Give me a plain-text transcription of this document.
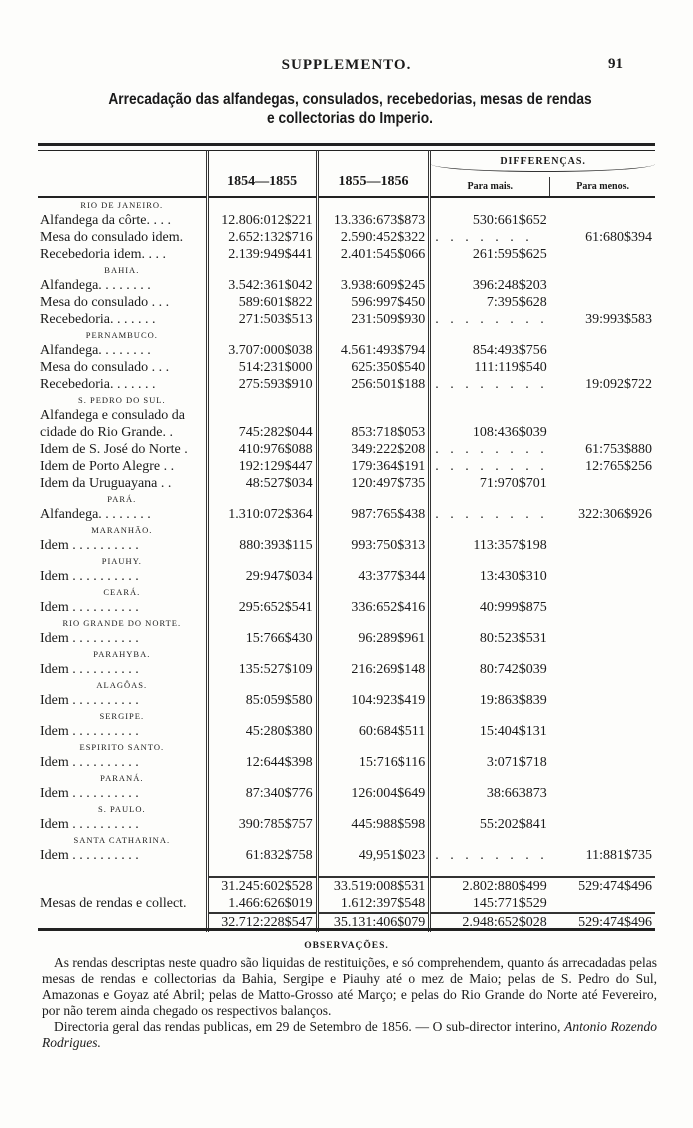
SUPPLEMENTO.	91
Arrecadação das alfandegas, consulados, recebedorias, mesas de rendas
e collectorias do Imperio.
	1854—1855	1855—1856	DIFFERENÇAS.	

			Para mais.	Para menos.
RIO DE JANEIRO.				
Alfandega da côrte. . . .	12.806:012$221	13.336:673$873	530:661$652	
Mesa do consulado idem.	2.652:132$716	2.590:452$322	. . . . . . .	61:680$394
Recebedoria idem. . . .	2.139:949$441	2.401:545$066	261:595$625	
BAHIA.				
Alfandega. . . . . . . .	3.542:361$042	3.938:609$245	396:248$203	
Mesa do consulado . . .	589:601$822	596:997$450	7:395$628	
Recebedoria. . . . . . .	271:503$513	231:509$930	. . . . . . . .	39:993$583
PERNAMBUCO.				
Alfandega. . . . . . . .	3.707:000$038	4.561:493$794	854:493$756	
Mesa do consulado . . .	514:231$000	625:350$540	111:119$540	
Recebedoria. . . . . . .	275:593$910	256:501$188	. . . . . . . .	19:092$722
S. PEDRO DO SUL.				
Alfandega e consulado da				
cidade do Rio Grande. .	745:282$044	853:718$053	108:436$039	
Idem de S. José do Norte .	410:976$088	349:222$208	. . . . . . . .	61:753$880
Idem de Porto Alegre . .	192:129$447	179:364$191	. . . . . . . .	12:765$256
Idem da Uruguayana . .	48:527$034	120:497$735	71:970$701	
PARÁ.				
Alfandega. . . . . . . .	1.310:072$364	987:765$438	. . . . . . . .	322:306$926
MARANHÃO.				
Idem . . . . . . . . . .	880:393$115	993:750$313	113:357$198	
PIAUHY.				
Idem . . . . . . . . . .	29:947$034	43:377$344	13:430$310	
CEARÁ.				
Idem . . . . . . . . . .	295:652$541	336:652$416	40:999$875	
RIO GRANDE DO NORTE.				
Idem . . . . . . . . . .	15:766$430	96:289$961	80:523$531	
PARAHYBA.				
Idem . . . . . . . . . .	135:527$109	216:269$148	80:742$039	
ALAGÔAS.				
Idem . . . . . . . . . .	85:059$580	104:923$419	19:863$839	
SERGIPE.				
Idem . . . . . . . . . .	45:280$380	60:684$511	15:404$131	
ESPIRITO SANTO.				
Idem . . . . . . . . . .	12:644$398	15:716$116	3:071$718	
PARANÁ.				
Idem . . . . . . . . . .	87:340$776	126:004$649	38:663873	
S. PAULO.				
Idem . . . . . . . . . .	390:785$757	445:988$598	55:202$841	
SANTA CATHARINA.				
Idem . . . . . . . . . .	61:832$758	49,951$023	. . . . . . . .	11:881$735

	31.245:602$528	33.519:008$531	2.802:880$499	529:474$496
Mesas de rendas e collect.	1.466:626$019	1.612:397$548	145:771$529	
	32.712:228$547	35.131:406$079	2.948:652$028	529:474$496
OBSERVAÇÕES.

As rendas descriptas neste quadro são liquidas de restituições, e só comprehendem, quanto ás arrecadadas pelas mesas de rendas e collectorias da Bahia, Sergipe e Piauhy até o mez de Maio; pelas de S. Pedro do Sul, Amazonas e Goyaz até Abril; pelas de Matto-Grosso até Março; e pelas do Rio Grande do Norte até Fevereiro, por não terem ainda chegado os respectivos balanços.

Directoria geral das rendas publicas, em 29 de Setembro de 1856. — O sub-director interino, Antonio Rozendo Rodrigues.
